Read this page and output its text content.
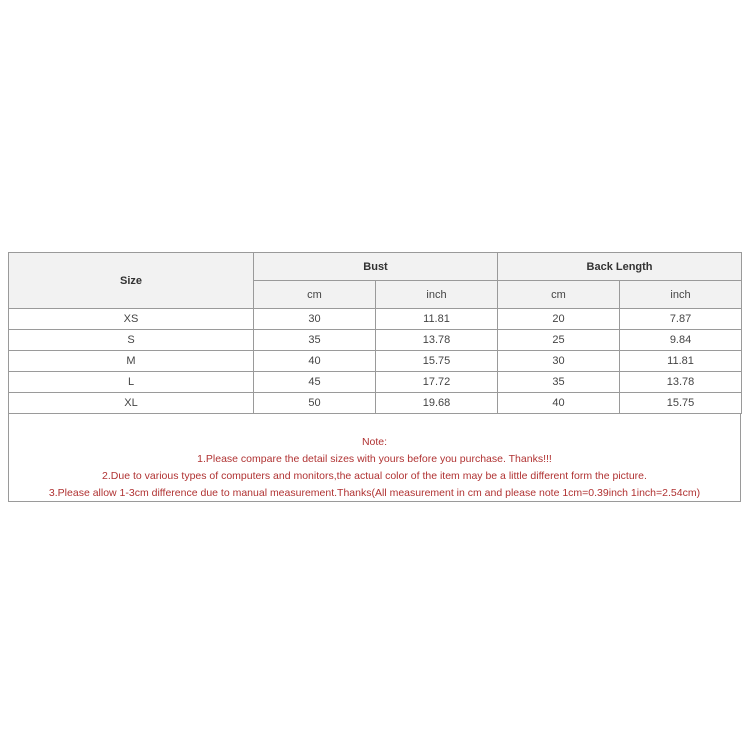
Size	Bust		Back Length	
	cm	inch	cm	inch
XS	30	11.81	20	7.87
S	35	13.78	25	9.84
M	40	15.75	30	11.81
L	45	17.72	35	13.78
XL	50	19.68	40	15.75
Note:
1.Please compare the detail sizes with yours before you purchase. Thanks!!!
2.Due to various types of computers and monitors,the actual color of the item may be a little different form the picture.
3.Please allow 1-3cm difference due to manual measurement.Thanks(All measurement in cm and please note 1cm=0.39inch 1inch=2.54cm)
